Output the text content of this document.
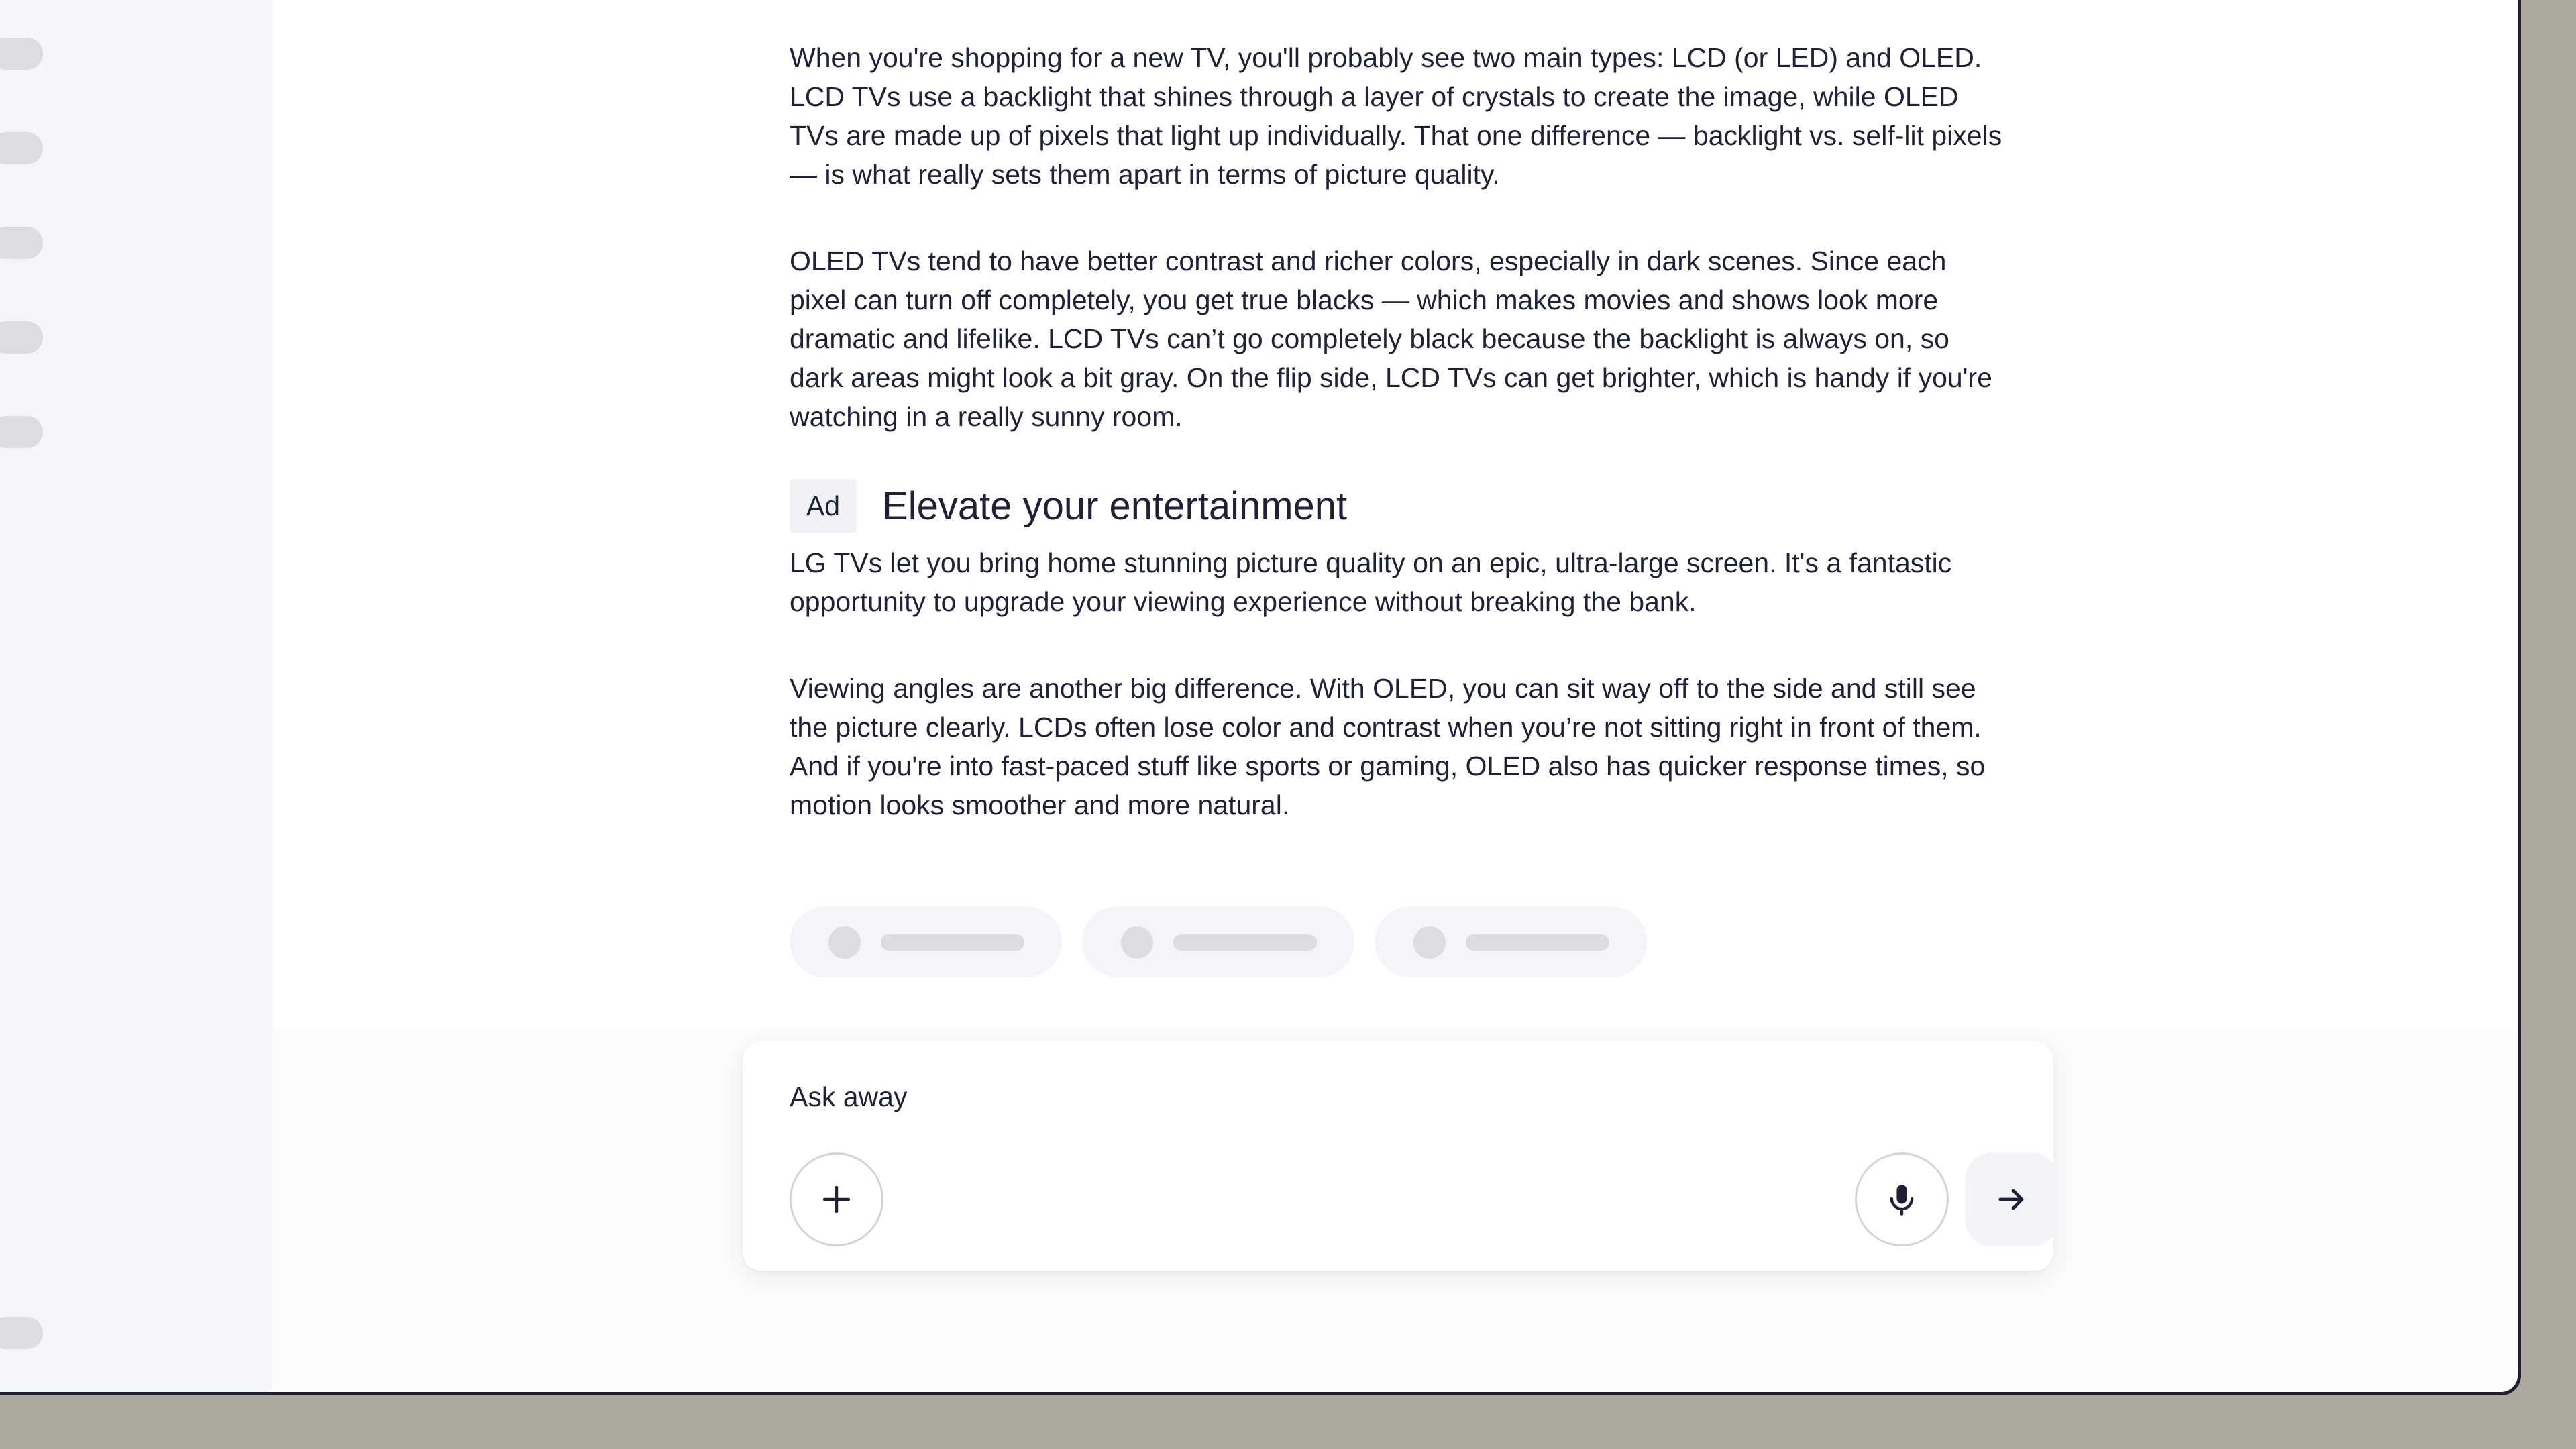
When you're shopping for a new TV, you'll probably see two main types: LCD (or LED) and OLED. LCD TVs use a backlight that shines through a layer of crystals to create the image, while OLED TVs are made up of pixels that light up individually. That one difference — backlight vs. self-lit pixels — is what really sets them apart in terms of picture quality.

OLED TVs tend to have better contrast and richer colors, especially in dark scenes. Since each pixel can turn off completely, you get true blacks — which makes movies and shows look more dramatic and lifelike. LCD TVs can’t go completely black because the backlight is always on, so dark areas might look a bit gray. On the flip side, LCD TVs can get brighter, which is handy if you're watching in a really sunny room.

Ad	Elevate your entertainment

LG TVs let you bring home stunning picture quality on an epic, ultra-large screen. It's a fantastic opportunity to upgrade your viewing experience without breaking the bank.

Viewing angles are another big difference. With OLED, you can sit way off to the side and still see the picture clearly. LCDs often lose color and contrast when you’re not sitting right in front of them. And if you're into fast-paced stuff like sports or gaming, OLED also has quicker response times, so motion looks smoother and more natural.

Ask away
